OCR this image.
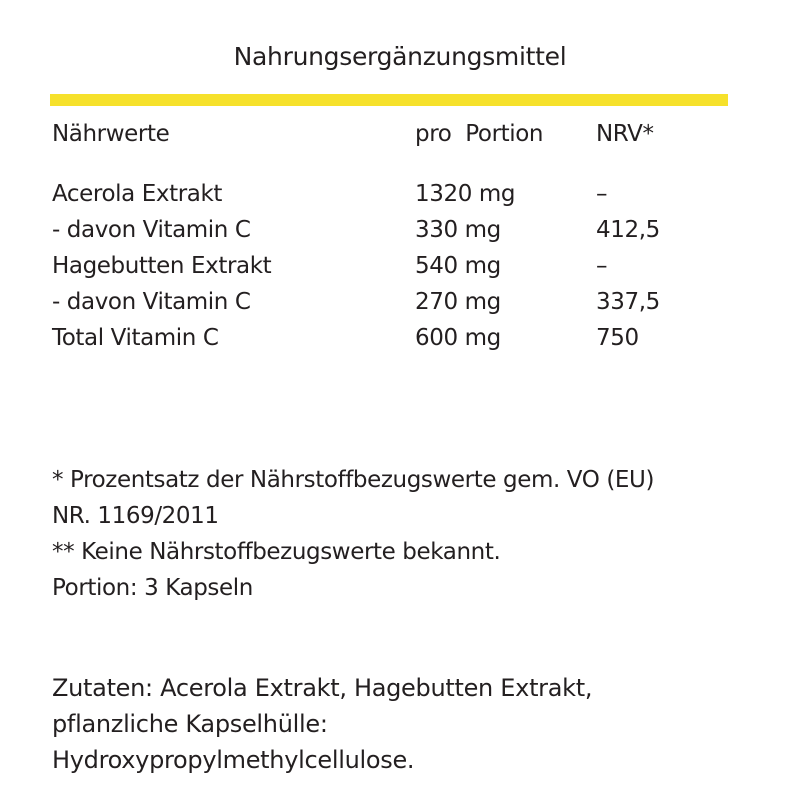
Nahrungsergänzungsmittel
Nährwerte	pro  Portion NRV*
Acerola Extrakt	1320 mg	–
- davon Vitamin C	330 mg	412,5
Hagebutten Extrakt	540 mg	–
- davon Vitamin C	270 mg	337,5
Total Vitamin C	600 mg	750
* Prozentsatz der Nährstoffbezugswerte gem. VO (EU)
NR. 1169/2011
** Keine Nährstoffbezugswerte bekannt.
Portion: 3 Kapseln
Zutaten: Acerola Extrakt, Hagebutten Extrakt,
pflanzliche Kapselhülle:
Hydroxypropylmethylcellulose.
